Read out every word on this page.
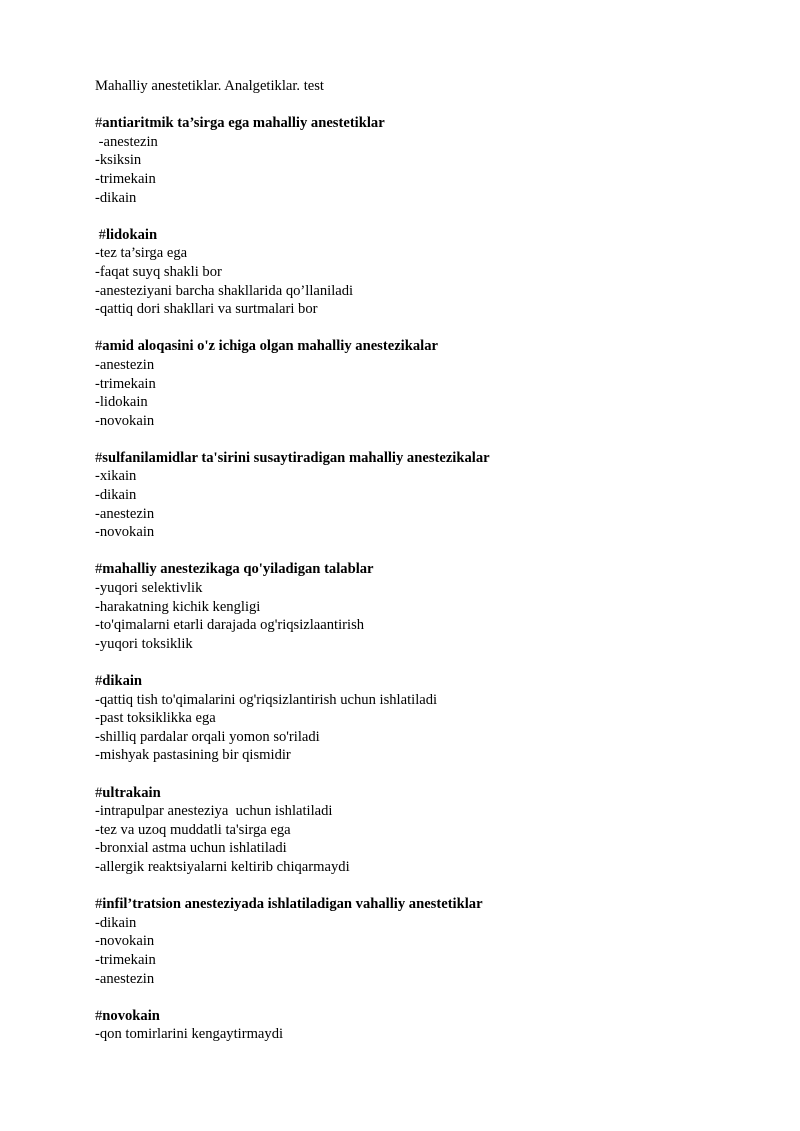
Mahalliy anestetiklar. Analgetiklar. test

#antiaritmik ta’sirga ega mahalliy anestetiklar
-anestezin
-ksiksin
-trimekain
-dikain
#lidokain
-tez ta’sirga ega
-faqat suyq shakli bor
-anesteziyani barcha shakllarida qo’llaniladi
-qattiq dori shakllari va surtmalari bor
#amid aloqasini o'z ichiga olgan mahalliy anestezikalar
-anestezin
-trimekain
-lidokain
-novokain
#sulfanilamidlar ta'sirini susaytiradigan mahalliy anestezikalar
-xikain
-dikain
-anestezin
-novokain
#mahalliy anestezikaga qo'yiladigan talablar
-yuqori selektivlik
-harakatning kichik kengligi
-to'qimalarni etarli darajada og'riqsizlaantirish
-yuqori toksiklik
#dikain
-qattiq tish to'qimalarini og'riqsizlantirish uchun ishlatiladi
-past toksiklikka ega
-shilliq pardalar orqali yomon so'riladi
-mishyak pastasining bir qismidir
#ultrakain
-intrapulpar anesteziya  uchun ishlatiladi
-tez va uzoq muddatli ta'sirga ega
-bronxial astma uchun ishlatiladi
-allergik reaktsiyalarni keltirib chiqarmaydi
#infil’tratsion anesteziyada ishlatiladigan vahalliy anestetiklar
-dikain
-novokain
-trimekain
-anestezin
#novokain
-qon tomirlarini kengaytirmaydi
